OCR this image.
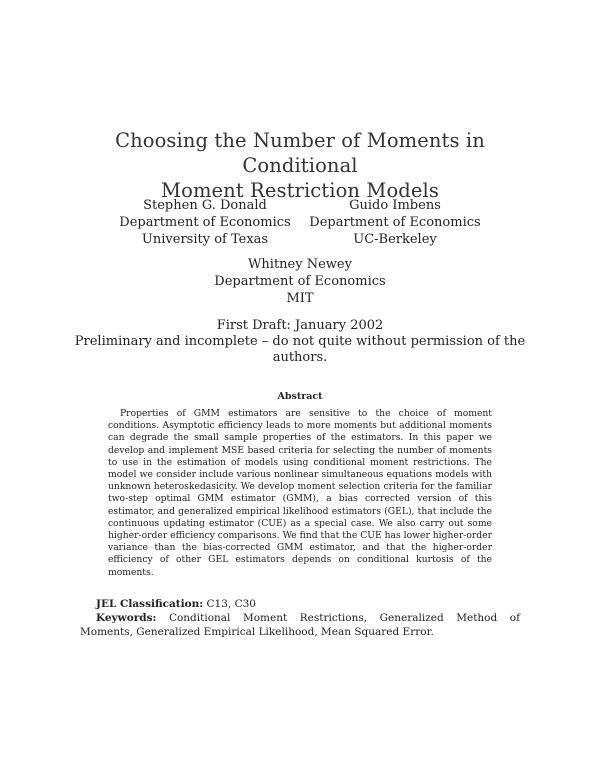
Choosing the Number of Moments in Conditional
Moment Restriction Models
Stephen G. Donald
Department of Economics
University of Texas
Guido Imbens
Department of Economics
UC-Berkeley
Whitney Newey
Department of Economics
MIT
First Draft: January 2002
Preliminary and incomplete – do not quite without permission of the authors.
Abstract
Properties of GMM estimators are sensitive to the choice of moment conditions. Asymptotic efficiency leads to more moments but additional moments can degrade the small sample properties of the estimators. In this paper we develop and implement MSE based criteria for selecting the number of moments to use in the estimation of models using conditional moment restrictions. The model we consider include various nonlinear simultaneous equations models with unknown heteroskedasicity. We develop moment selection criteria for the familiar two-step optimal GMM estimator (GMM), a bias corrected version of this estimator, and generalized empirical likelihood estimators (GEL), that include the continuous updating estimator (CUE) as a special case. We also carry out some higher-order efficiency comparisons. We find that the CUE has lower higher-order variance than the bias-corrected GMM estimator, and that the higher-order efficiency of other GEL estimators depends on conditional kurtosis of the moments.
JEL Classification: C13, C30
Keywords: Conditional Moment Restrictions, Generalized Method of Moments, Generalized Empirical Likelihood, Mean Squared Error.
